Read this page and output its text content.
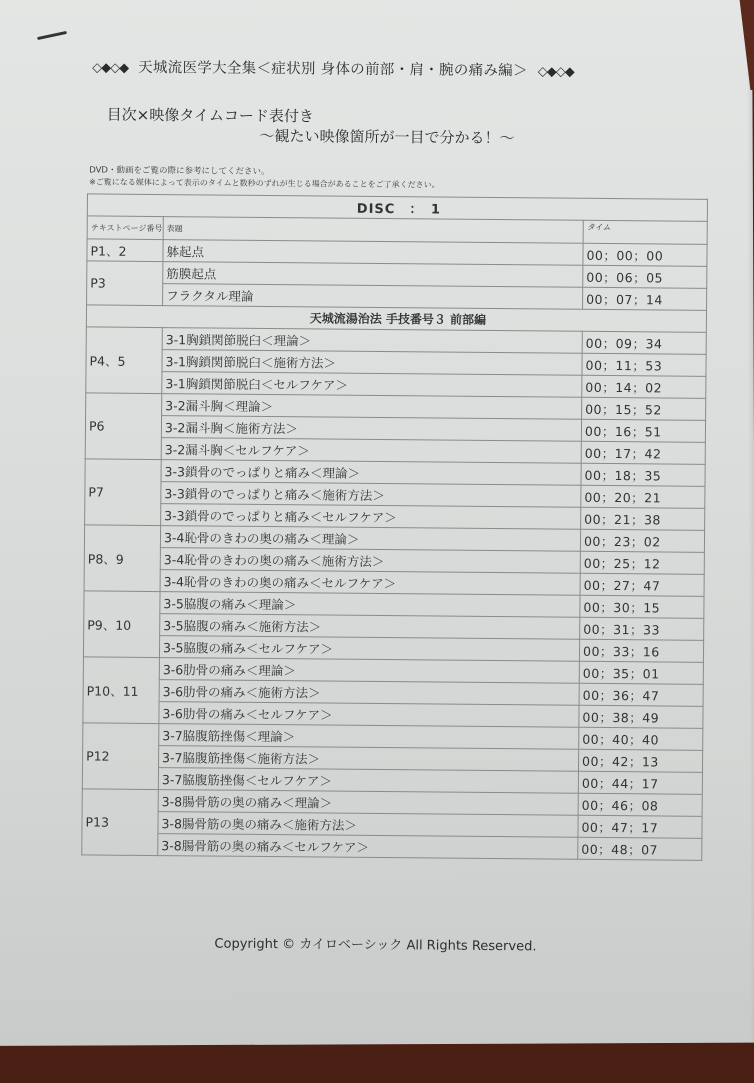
◇◆◇◆ 天城流医学大全集＜症状別 身体の前部・肩・腕の痛み編＞ ◇◆◇◆
目次×映像タイムコード表付き
～観たい映像箇所が一目で分かる！～
DVD・動画をご覧の際に参考にしてください。
※ご覧になる媒体によって表示のタイムと数秒のずれが生じる場合があることをご了承ください。
DISC　：　1		
テキストページ番号	表題	タイム
P1、2	躰起点	00；00；00
P3	筋膜起点	00；06；05
	フラクタル理論	00；07；14
天城流湯治法 手技番号３ 前部編		
P4、5	3-1胸鎖関節脱臼＜理論＞	00；09；34
	3-1胸鎖関節脱臼＜施術方法＞	00；11；53
	3-1胸鎖関節脱臼＜セルフケア＞	00；14；02
P6	3-2漏斗胸＜理論＞	00；15；52
	3-2漏斗胸＜施術方法＞	00；16；51
	3-2漏斗胸＜セルフケア＞	00；17；42
P7	3-3鎖骨のでっぱりと痛み＜理論＞	00；18；35
	3-3鎖骨のでっぱりと痛み＜施術方法＞	00；20；21
	3-3鎖骨のでっぱりと痛み＜セルフケア＞	00；21；38
P8、9	3-4恥骨のきわの奥の痛み＜理論＞	00；23；02
	3-4恥骨のきわの奥の痛み＜施術方法＞	00；25；12
	3-4恥骨のきわの奥の痛み＜セルフケア＞	00；27；47
P9、10	3-5脇腹の痛み＜理論＞	00；30；15
	3-5脇腹の痛み＜施術方法＞	00；31；33
	3-5脇腹の痛み＜セルフケア＞	00；33；16
P10、11	3-6肋骨の痛み＜理論＞	00；35；01
	3-6肋骨の痛み＜施術方法＞	00；36；47
	3-6肋骨の痛み＜セルフケア＞	00；38；49
P12	3-7脇腹筋挫傷＜理論＞	00；40；40
	3-7脇腹筋挫傷＜施術方法＞	00；42；13
	3-7脇腹筋挫傷＜セルフケア＞	00；44；17
P13	3-8腸骨筋の奥の痛み＜理論＞	00；46；08
	3-8腸骨筋の奥の痛み＜施術方法＞	00；47；17
	3-8腸骨筋の奥の痛み＜セルフケア＞	00；48；07
Copyright © カイロベーシック All Rights Reserved.
